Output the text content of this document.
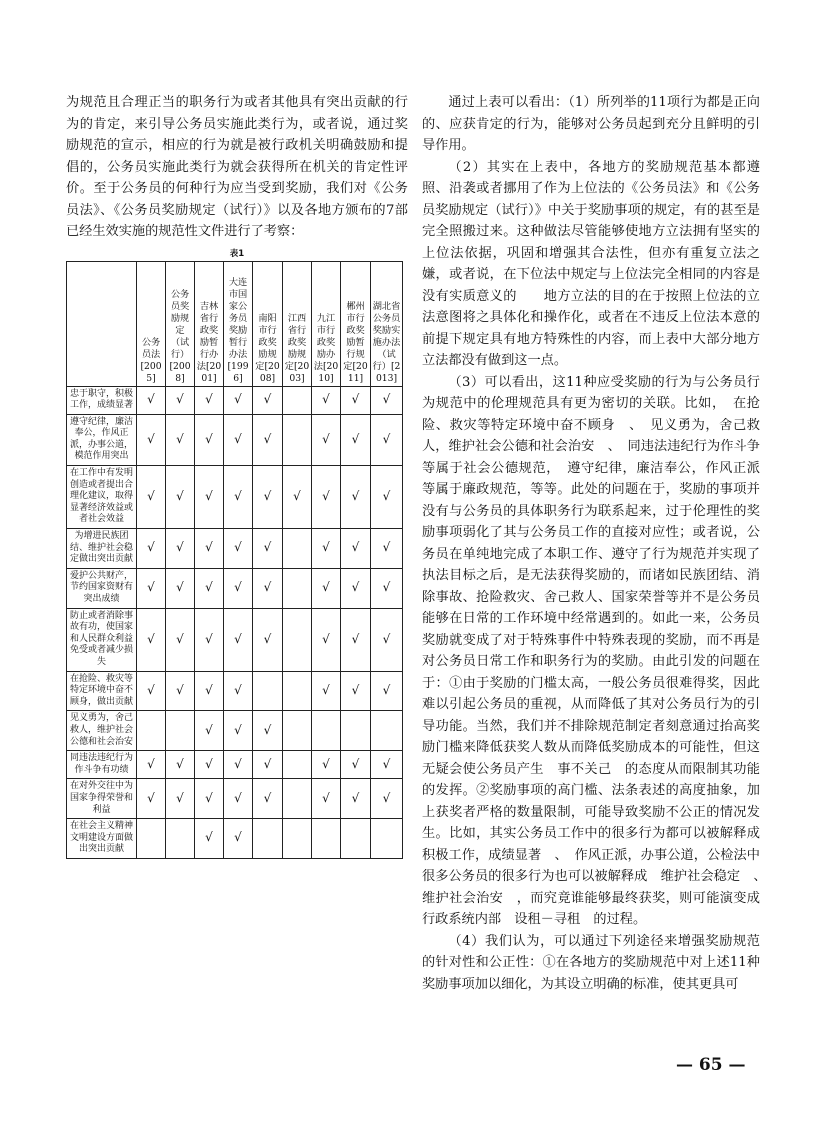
为规范且合理正当的职务行为或者其他具有突出贡献的行为的肯定，来引导公务员实施此类行为，或者说，通过奖励规范的宣示，相应的行为就是被行政机关明确鼓励和提倡的，公务员实施此类行为就会获得所在机关的肯定性评价。至于公务员的何种行为应当受到奖励，我们对《公务员法》、《公务员奖励规定（试行）》以及各地方颁布的7部已经生效实施的规范性文件进行了考察：

表1
	公务员法[2005]	公务员奖励规定（试行）[2008]	吉林省行政奖励暂行办法[2001]	大连市国家公务员奖励暂行办法[1996]	南阳市行政奖励规定[2008]	江西省行政奖励规定[2003]	九江市行政奖励办法[2010]	郴州市行政奖励暂行规定[2011]	湖北省公务员奖励实施办法（试行）[2013]
忠于职守，积极工作，成绩显著	√	√	√	√	√		√	√	√
遵守纪律，廉洁奉公，作风正派，办事公道，模范作用突出	√	√	√	√	√		√	√	√
在工作中有发明创造或者提出合理化建议，取得显著经济效益或者社会效益	√	√	√	√	√	√	√	√	√
为增进民族团结、维护社会稳定做出突出贡献	√	√	√	√	√		√	√	√
爱护公共财产，节约国家资财有突出成绩	√	√	√	√	√		√	√	√
防止或者消除事故有功，使国家和人民群众利益免受或者减少损失	√	√	√	√	√		√	√	√
在抢险、救灾等特定环境中奋不顾身，做出贡献	√	√	√	√			√	√	√
见义勇为，舍己救人，维护社会公德和社会治安			√	√	√				
同违法违纪行为作斗争有功绩	√	√	√	√	√		√	√	√
在对外交往中为国家争得荣誉和利益	√	√	√	√	√		√	√	√
在社会主义精神文明建设方面做出突出贡献			√	√					

通过上表可以看出：（1）所列举的11项行为都是正向的、应获肯定的行为，能够对公务员起到充分且鲜明的引导作用。

（2）其实在上表中，各地方的奖励规范基本都遵照、沿袭或者挪用了作为上位法的《公务员法》和《公务员奖励规定（试行）》中关于奖励事项的规定，有的甚至是完全照搬过来。这种做法尽管能够使地方立法拥有坚实的上位法依据，巩固和增强其合法性，但亦有重复立法之嫌，或者说，在下位法中规定与上位法完全相同的内容是没有实质意义的　　地方立法的目的在于按照上位法的立法意图将之具体化和操作化，或者在不违反上位法本意的前提下规定具有地方特殊性的内容，而上表中大部分地方立法都没有做到这一点。

（3）可以看出，这11种应受奖励的行为与公务员行为规范中的伦理规范具有更为密切的关联。比如，　在抢险、救灾等特定环境中奋不顾身　、　见义勇为，舍己救人，维护社会公德和社会治安　、　同违法违纪行为作斗争　等属于社会公德规范，　遵守纪律，廉洁奉公，作风正派　等属于廉政规范，等等。此处的问题在于，奖励的事项并没有与公务员的具体职务行为联系起来，过于伦理性的奖励事项弱化了其与公务员工作的直接对应性；或者说，公务员在单纯地完成了本职工作、遵守了行为规范并实现了执法目标之后，是无法获得奖励的，而诸如民族团结、消除事故、抢险救灾、舍己救人、国家荣誉等并不是公务员能够在日常的工作环境中经常遇到的。如此一来，公务员奖励就变成了对于特殊事件中特殊表现的奖励，而不再是对公务员日常工作和职务行为的奖励。由此引发的问题在于：①由于奖励的门槛太高，一般公务员很难得奖，因此难以引起公务员的重视，从而降低了其对公务员行为的引导功能。当然，我们并不排除规范制定者刻意通过抬高奖励门槛来降低获奖人数从而降低奖励成本的可能性，但这无疑会使公务员产生　事不关己　的态度从而限制其功能的发挥。②奖励事项的高门槛、法条表述的高度抽象，加上获奖者严格的数量限制，可能导致奖励不公正的情况发生。比如，其实公务员工作中的很多行为都可以被解释成　积极工作，成绩显著　、　作风正派，办事公道，公检法中很多公务员的很多行为也可以被解释成　维护社会稳定　、　维护社会治安　，而究竟谁能够最终获奖，则可能演变成行政系统内部　设租－寻租　的过程。

（4）我们认为，可以通过下列途径来增强奖励规范的针对性和公正性：①在各地方的奖励规范中对上述11种奖励事项加以细化，为其设立明确的标准，使其更具可

— 65 —
